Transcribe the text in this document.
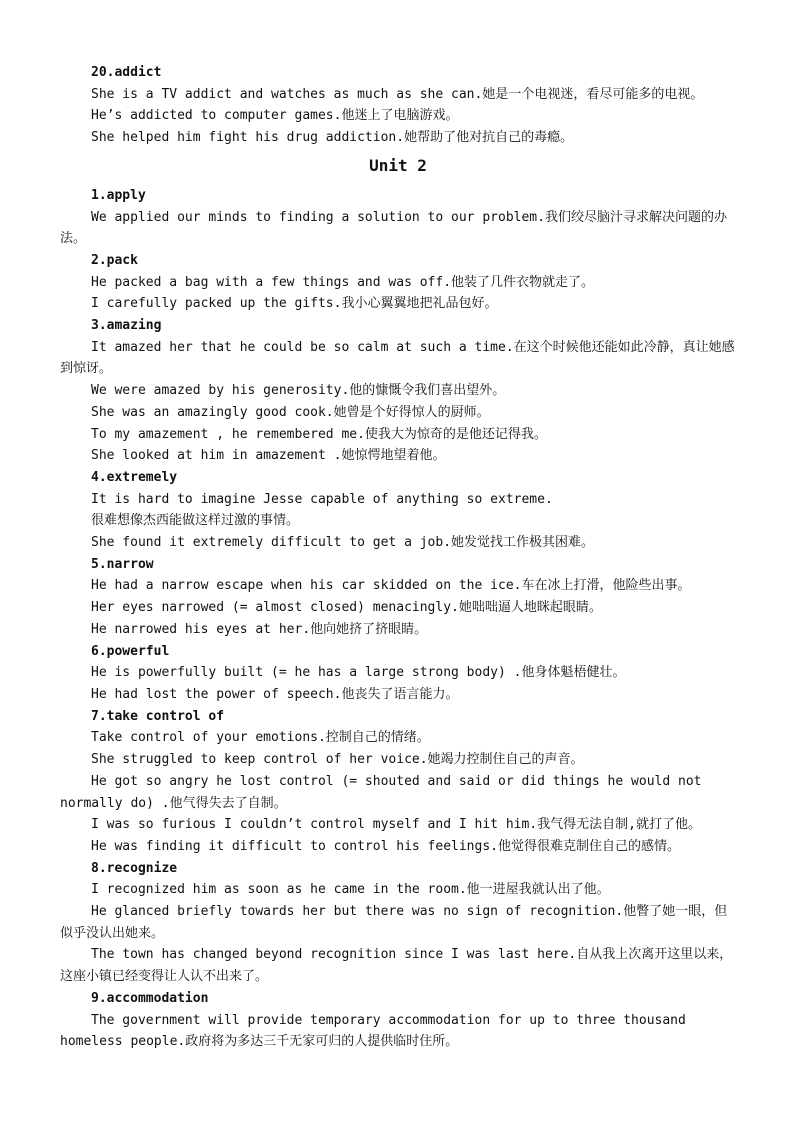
20.addict
She is a TV addict and watches as much as she can.她是一个电视迷，看尽可能多的电视。
He’s addicted to computer games.他迷上了电脑游戏。
She helped him fight his drug addiction.她帮助了他对抗自己的毒瘾。
Unit 2
1.apply
We applied our minds to finding a solution to our problem.我们绞尽脑汁寻求解决问题的办法。
2.pack
He packed a bag with a few things and was off.他装了几件衣物就走了。
I carefully packed up the gifts.我小心翼翼地把礼品包好。
3.amazing
It amazed her that he could be so calm at such a time.在这个时候他还能如此冷静，真让她感到惊讶。
We were amazed by his generosity.他的慷慨令我们喜出望外。
She was an amazingly good cook.她曾是个好得惊人的厨师。
To my amazement , he remembered me.使我大为惊奇的是他还记得我。
She looked at him in amazement .她惊愕地望着他。
4.extremely
It is hard to imagine Jesse capable of anything so extreme.
很难想像杰西能做这样过激的事情。
She found it extremely difficult to get a job.她发觉找工作极其困难。
5.narrow
He had a narrow escape when his car skidded on the ice.车在冰上打滑，他险些出事。
Her eyes narrowed (= almost closed) menacingly.她咄咄逼人地眯起眼睛。
He narrowed his eyes at her.他向她挤了挤眼睛。
6.powerful
He is powerfully built (= he has a large strong body) .他身体魁梧健壮。
He had lost the power of speech.他丧失了语言能力。
7.take control of
Take control of your emotions.控制自己的情绪。
She struggled to keep control of her voice.她竭力控制住自己的声音。
He got so angry he lost control (= shouted and said or did things he would not normally do) .他气得失去了自制。
I was so furious I couldn’t control myself and I hit him.我气得无法自制,就打了他。
He was finding it difficult to control his feelings.他觉得很难克制住自己的感情。
8.recognize
I recognized him as soon as he came in the room.他一进屋我就认出了他。
He glanced briefly towards her but there was no sign of recognition.他瞥了她一眼，但似乎没认出她来。
The town has changed beyond recognition since I was last here.自从我上次离开这里以来，这座小镇已经变得让人认不出来了。
9.accommodation
The government will provide temporary accommodation for up to three thousand homeless people.政府将为多达三千无家可归的人提供临时住所。
